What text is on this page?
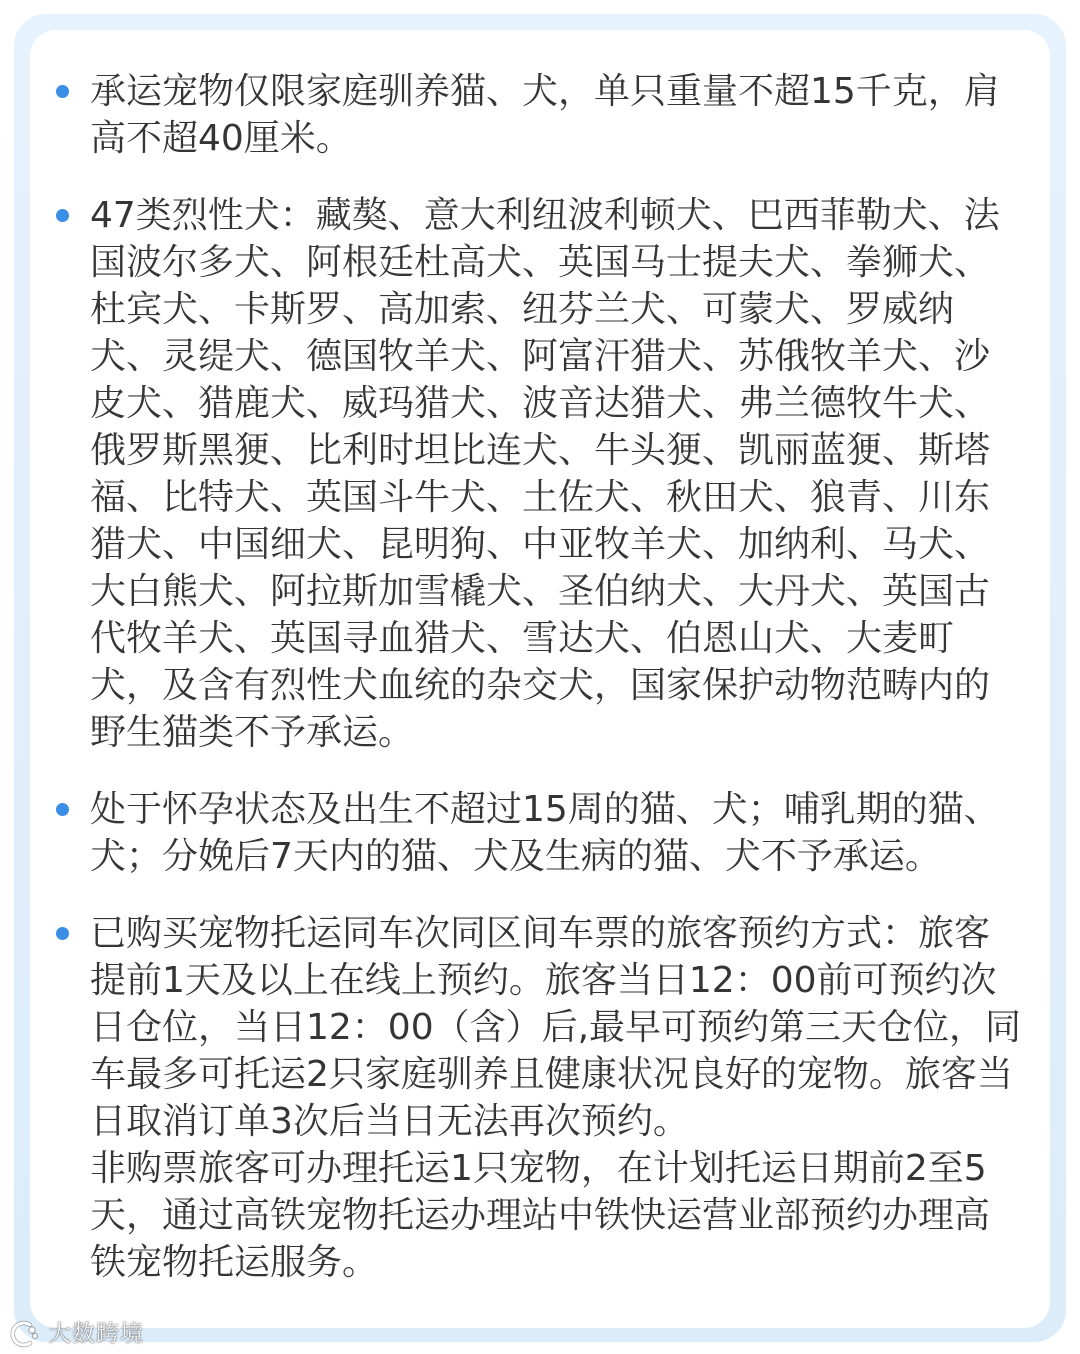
承运宠物仅限家庭驯养猫、犬，单只重量不超15千克，肩
高不超40厘米。
47类烈性犬：藏獒、意大利纽波利顿犬、巴西菲勒犬、法
国波尔多犬、阿根廷杜高犬、英国马士提夫犬、拳狮犬、
杜宾犬、卡斯罗、高加索、纽芬兰犬、可蒙犬、罗威纳
犬、灵缇犬、德国牧羊犬、阿富汗猎犬、苏俄牧羊犬、沙
皮犬、猎鹿犬、威玛猎犬、波音达猎犬、弗兰德牧牛犬、
俄罗斯黑㹴、比利时坦比连犬、牛头㹴、凯丽蓝㹴、斯塔
福、比特犬、英国斗牛犬、土佐犬、秋田犬、狼青、川东
猎犬、中国细犬、昆明狗、中亚牧羊犬、加纳利、马犬、
大白熊犬、阿拉斯加雪橇犬、圣伯纳犬、大丹犬、英国古
代牧羊犬、英国寻血猎犬、雪达犬、伯恩山犬、大麦町
犬，及含有烈性犬血统的杂交犬，国家保护动物范畴内的
野生猫类不予承运。
处于怀孕状态及出生不超过15周的猫、犬；哺乳期的猫、
犬；分娩后7天内的猫、犬及生病的猫、犬不予承运。
已购买宠物托运同车次同区间车票的旅客预约方式：旅客
提前1天及以上在线上预约。旅客当日12：00前可预约次
日仓位，当日12：00（含）后,最早可预约第三天仓位，同
车最多可托运2只家庭驯养且健康状况良好的宠物。旅客当
日取消订单3次后当日无法再次预约。
非购票旅客可办理托运1只宠物，在计划托运日期前2至5
天，通过高铁宠物托运办理站中铁快运营业部预约办理高
铁宠物托运服务。
大数跨境
